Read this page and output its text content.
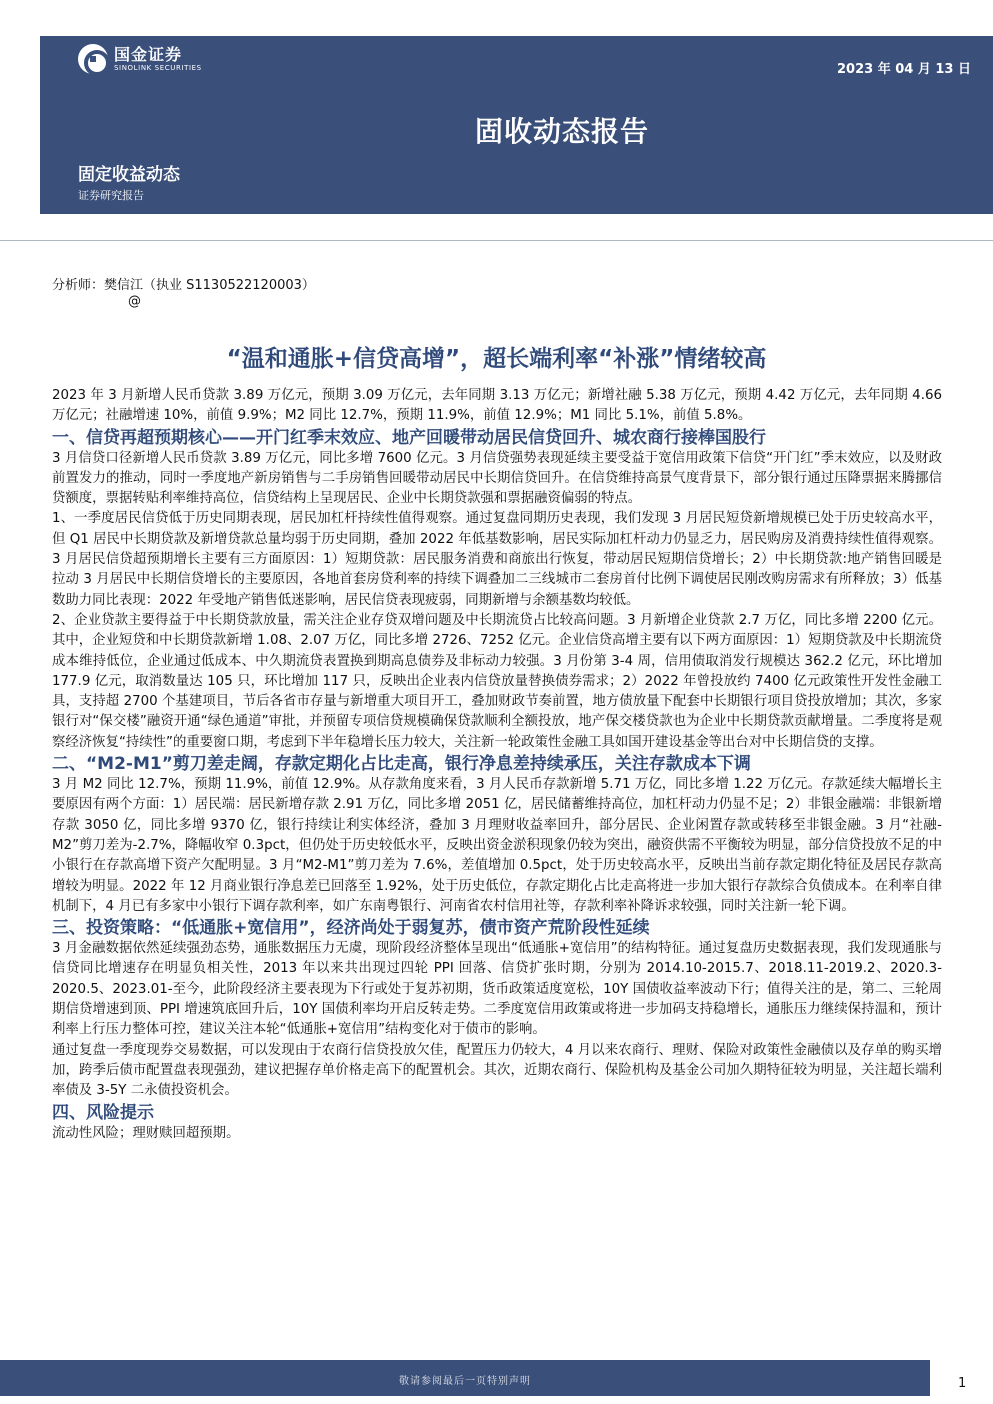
国金证券
SINOLINK SECURITIES	2023 年 04 月 13 日
固收动态报告
固定收益动态
证券研究报告
分析师：樊信江（执业 S1130522120003）
@
“温和通胀+信贷高增”，超长端利率“补涨”情绪较高

2023 年 3 月新增人民币贷款 3.89 万亿元，预期 3.09 万亿元，去年同期 3.13 万亿元；新增社融 5.38 万亿元，预期 4.42 万亿元，去年同期 4.66 万亿元；社融增速 10%，前值 9.9%；M2 同比 12.7%，预期 11.9%，前值 12.9%；M1 同比 5.1%，前值 5.8%。

一、信贷再超预期核心——开门红季末效应、地产回暖带动居民信贷回升、城农商行接棒国股行

3 月信贷口径新增人民币贷款 3.89 万亿元，同比多增 7600 亿元。3 月信贷强势表现延续主要受益于宽信用政策下信贷“开门红”季末效应，以及财政前置发力的推动，同时一季度地产新房销售与二手房销售回暖带动居民中长期信贷回升。在信贷维持高景气度背景下，部分银行通过压降票据来腾挪信贷额度，票据转贴利率维持高位，信贷结构上呈现居民、企业中长期贷款强和票据融资偏弱的特点。

1、一季度居民信贷低于历史同期表现，居民加杠杆持续性值得观察。通过复盘同期历史表现，我们发现 3 月居民短贷新增规模已处于历史较高水平，但 Q1 居民中长期贷款及新增贷款总量均弱于历史同期，叠加 2022 年低基数影响，居民实际加杠杆动力仍显乏力，居民购房及消费持续性值得观察。3 月居民信贷超预期增长主要有三方面原因：1）短期贷款：居民服务消费和商旅出行恢复，带动居民短期信贷增长；2）中长期贷款:地产销售回暖是拉动 3 月居民中长期信贷增长的主要原因，各地首套房贷利率的持续下调叠加二三线城市二套房首付比例下调使居民刚改购房需求有所释放；3）低基数助力同比表现：2022 年受地产销售低迷影响，居民信贷表现疲弱，同期新增与余额基数均较低。

2、企业贷款主要得益于中长期贷款放量，需关注企业存贷双增问题及中长期流贷占比较高问题。3 月新增企业贷款 2.7 万亿，同比多增 2200 亿元。其中，企业短贷和中长期贷款新增 1.08、2.07 万亿，同比多增 2726、7252 亿元。企业信贷高增主要有以下两方面原因：1）短期贷款及中长期流贷成本维持低位，企业通过低成本、中久期流贷表置换到期高息债券及非标动力较强。3 月份第 3-4 周，信用债取消发行规模达 362.2 亿元，环比增加 177.9 亿元，取消数量达 105 只，环比增加 117 只，反映出企业表内信贷放量替换债券需求；2）2022 年曾投放约 7400 亿元政策性开发性金融工具，支持超 2700 个基建项目，节后各省市存量与新增重大项目开工，叠加财政节奏前置，地方债放量下配套中长期银行项目贷投放增加；其次，多家银行对“保交楼”融资开通“绿色通道”审批，并预留专项信贷规模确保贷款顺利全额投放，地产保交楼贷款也为企业中长期贷款贡献增量。二季度将是观察经济恢复“持续性”的重要窗口期，考虑到下半年稳增长压力较大，关注新一轮政策性金融工具如国开建设基金等出台对中长期信贷的支撑。

二、“M2-M1”剪刀差走阔，存款定期化占比走高，银行净息差持续承压，关注存款成本下调

3 月 M2 同比 12.7%，预期 11.9%，前值 12.9%。从存款角度来看，3 月人民币存款新增 5.71 万亿，同比多增 1.22 万亿元。存款延续大幅增长主要原因有两个方面：1）居民端：居民新增存款 2.91 万亿，同比多增 2051 亿，居民储蓄维持高位，加杠杆动力仍显不足；2）非银金融端：非银新增存款 3050 亿，同比多增 9370 亿，银行持续让利实体经济，叠加 3 月理财收益率回升，部分居民、企业闲置存款或转移至非银金融。3 月“社融-M2”剪刀差为-2.7%，降幅收窄 0.3pct，但仍处于历史较低水平，反映出资金淤积现象仍较为突出，融资供需不平衡较为明显，部分信贷投放不足的中小银行在存款高增下资产欠配明显。3 月“M2-M1”剪刀差为 7.6%，差值增加 0.5pct，处于历史较高水平，反映出当前存款定期化特征及居民存款高增较为明显。2022 年 12 月商业银行净息差已回落至 1.92%，处于历史低位，存款定期化占比走高将进一步加大银行存款综合负债成本。在利率自律机制下，4 月已有多家中小银行下调存款利率，如广东南粤银行、河南省农村信用社等，存款利率补降诉求较强，同时关注新一轮下调。

三、投资策略：“低通胀+宽信用”，经济尚处于弱复苏，债市资产荒阶段性延续

3 月金融数据依然延续强劲态势，通胀数据压力无虞，现阶段经济整体呈现出“低通胀+宽信用”的结构特征。通过复盘历史数据表现，我们发现通胀与信贷同比增速存在明显负相关性，2013 年以来共出现过四轮 PPI 回落、信贷扩张时期，分别为 2014.10-2015.7、2018.11-2019.2、2020.3-2020.5、2023.01-至今，此阶段经济主要表现为下行或处于复苏初期，货币政策适度宽松，10Y 国债收益率波动下行；值得关注的是，第二、三轮周期信贷增速到顶、PPI 增速筑底回升后，10Y 国债利率均开启反转走势。二季度宽信用政策或将进一步加码支持稳增长，通胀压力继续保持温和，预计利率上行压力整体可控，建议关注本轮“低通胀+宽信用”结构变化对于债市的影响。

通过复盘一季度现券交易数据，可以发现由于农商行信贷投放欠佳，配置压力仍较大，4 月以来农商行、理财、保险对政策性金融债以及存单的购买增加，跨季后债市配置盘表现强劲，建议把握存单价格走高下的配置机会。其次，近期农商行、保险机构及基金公司加久期特征较为明显，关注超长端利率债及 3-5Y 二永债投资机会。

四、风险提示

流动性风险；理财赎回超预期。

敬请参阅最后一页特别声明	1
